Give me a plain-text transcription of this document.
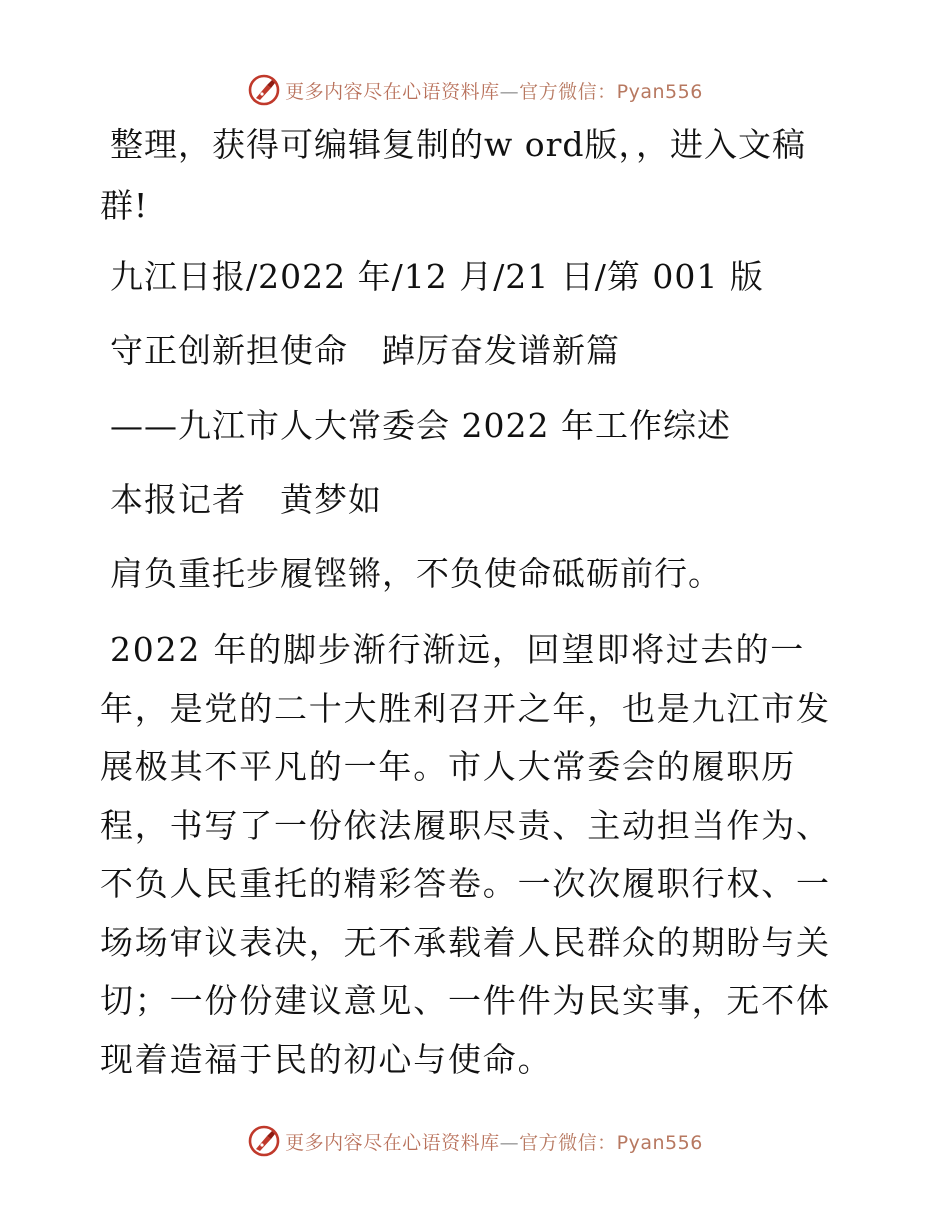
更多内容尽在心语资料库—官方微信：Pyan556
整理，获得可编辑复制的w ord版，，进入文稿
群!
九江日报/2022 年/12 月/21 日/第 001 版
守正创新担使命　踔厉奋发谱新篇
——九江市人大常委会 2022 年工作综述
本报记者　黄梦如
肩负重托步履铿锵，不负使命砥砺前行。
2022 年的脚步渐行渐远，回望即将过去的一年，是党的二十大胜利召开之年，也是九江市发展极其不平凡的一年。市人大常委会的履职历程，书写了一份依法履职尽责、主动担当作为、不负人民重托的精彩答卷。一次次履职行权、一场场审议表决，无不承载着人民群众的期盼与关切；一份份建议意见、一件件为民实事，无不体现着造福于民的初心与使命。
更多内容尽在心语资料库—官方微信：Pyan556
